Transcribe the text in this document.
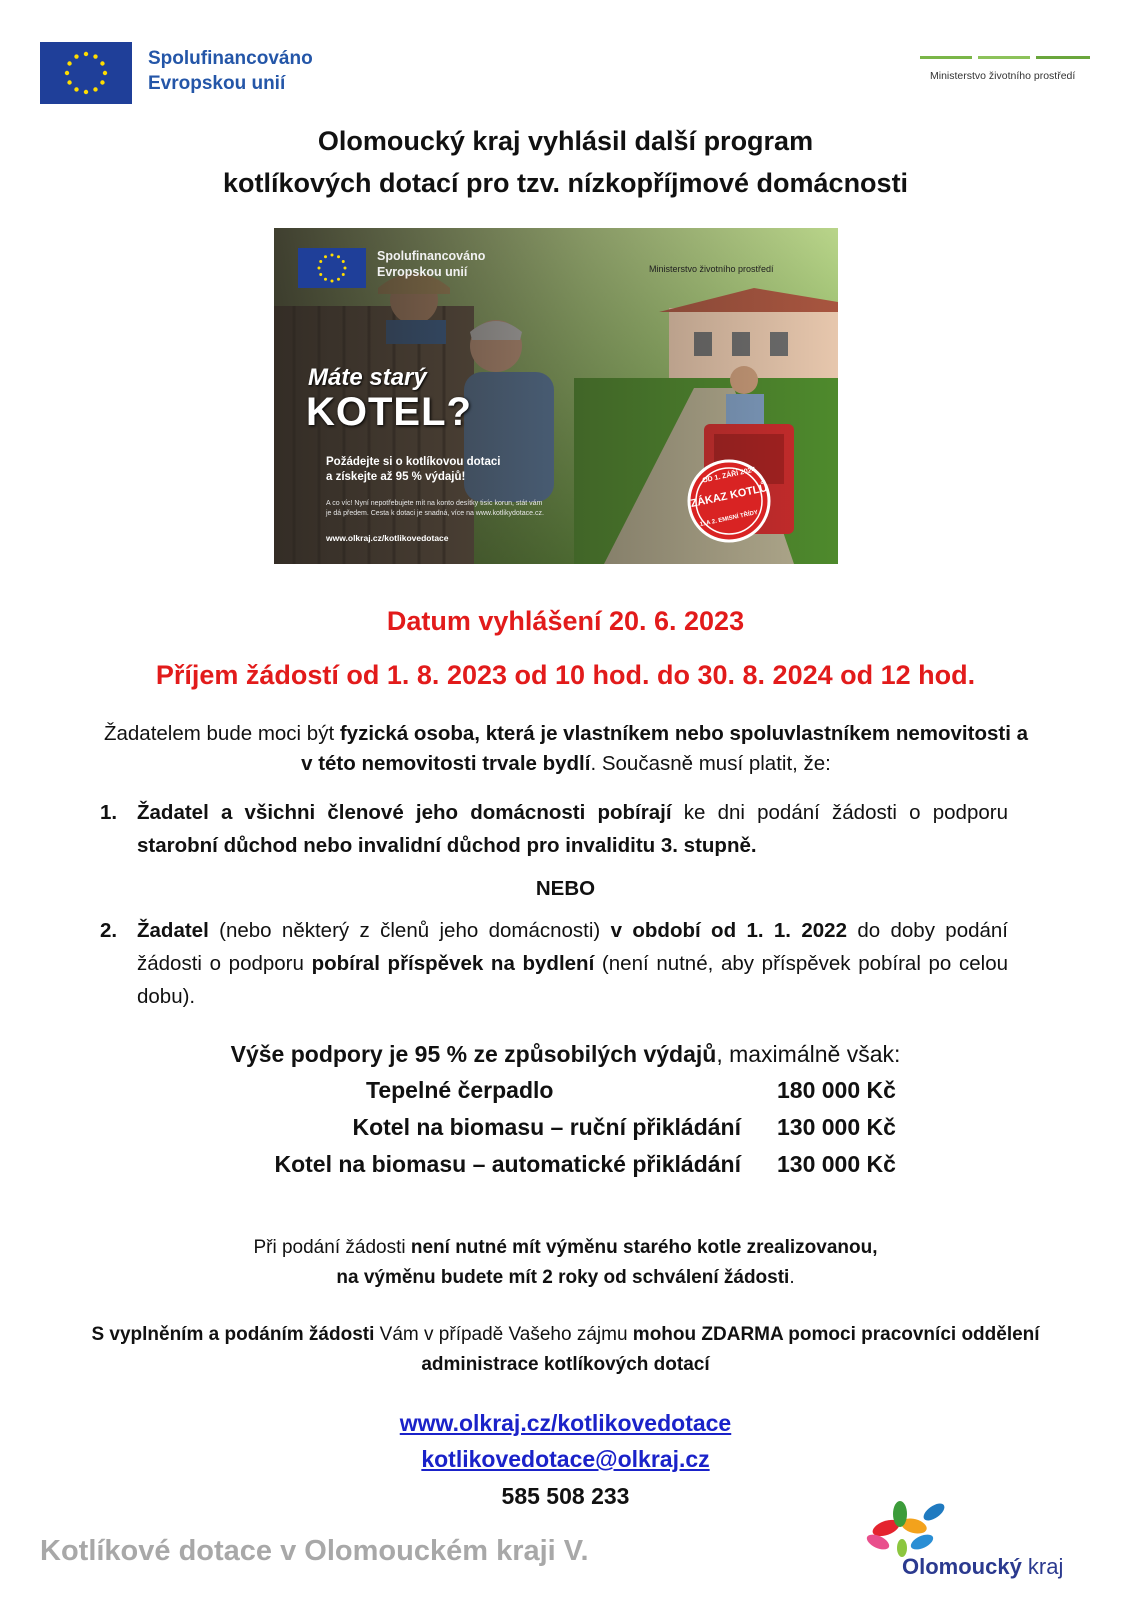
Spolufinancováno
Evropskou unií	Ministerstvo životního prostředí
Olomoucký kraj vyhlásil další program
kotlíkových dotací pro tzv. nízkopříjmové domácnosti
Spolufinancováno
Evropskou unií	Ministerstvo životního prostředí
Máte starý
KOTEL?
Požádejte si o kotlíkovou dotaci
a získejte až 95 % výdajů!
A co víc! Nyní nepotřebujete mít na konto desítky tisíc korun, stát vám
je dá předem. Cesta k dotaci je snadná, více na www.kotlikydotace.cz.
www.olkraj.cz/kotlikovedotace
OD 1. ZÁŘÍ 2024
ZÁKAZ KOTLŮ
1. A 2. EMISNÍ TŘÍDY
Datum vyhlášení 20. 6. 2023
Příjem žádostí od 1. 8. 2023 od 10 hod. do 30. 8. 2024 od 12 hod.
Žadatelem bude moci být fyzická osoba, která je vlastníkem nebo spoluvlastníkem nemovitosti a v této nemovitosti trvale bydlí. Současně musí platit, že:
1. Žadatel a všichni členové jeho domácnosti pobírají ke dni podání žádosti o podporu starobní důchod nebo invalidní důchod pro invaliditu 3. stupně.
NEBO
2. Žadatel (nebo některý z členů jeho domácnosti) v období od 1. 1. 2022 do doby podání žádosti o podporu pobíral příspěvek na bydlení (není nutné, aby příspěvek pobíral po celou dobu).
Výše podpory je 95 % ze způsobilých výdajů, maximálně však:
Tepelné čerpadlo	180 000 Kč
Kotel na biomasu – ruční přikládání 130 000 Kč
Kotel na biomasu – automatické přikládání 130 000 Kč
Při podání žádosti není nutné mít výměnu starého kotle zrealizovanou,
na výměnu budete mít 2 roky od schválení žádosti.
S vyplněním a podáním žádosti Vám v případě Vašeho zájmu mohou ZDARMA pomoci pracovníci oddělení administrace kotlíkových dotací
www.olkraj.cz/kotlikovedotace
kotlikovedotace@olkraj.cz
585 508 233
Kotlíkové dotace v Olomouckém kraji V.	Olomoucký kraj
